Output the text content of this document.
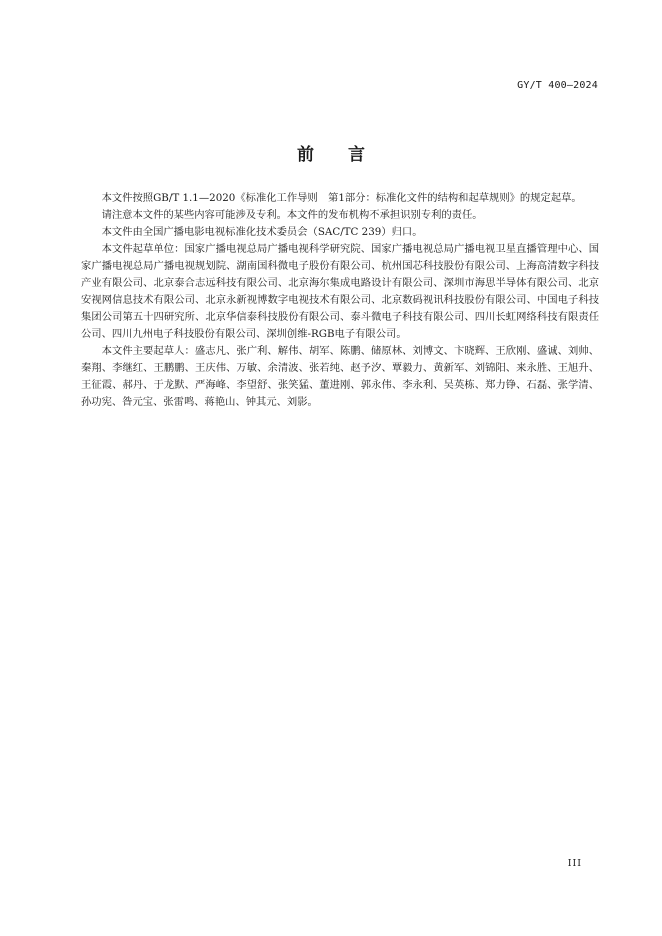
GY/T 400—2024
前　　言

本文件按照GB/T 1.1—2020《标准化工作导则　第1部分：标准化文件的结构和起草规则》的规定起草。

请注意本文件的某些内容可能涉及专利。本文件的发布机构不承担识别专利的责任。

本文件由全国广播电影电视标准化技术委员会（SAC/TC 239）归口。

本文件起草单位：国家广播电视总局广播电视科学研究院、国家广播电视总局广播电视卫星直播管理中心、国家广播电视总局广播电视规划院、湖南国科微电子股份有限公司、杭州国芯科技股份有限公司、上海高清数字科技产业有限公司、北京泰合志远科技有限公司、北京海尔集成电路设计有限公司、深圳市海思半导体有限公司、北京安视网信息技术有限公司、北京永新视博数字电视技术有限公司、北京数码视讯科技股份有限公司、中国电子科技集团公司第五十四研究所、北京华信泰科技股份有限公司、泰斗微电子科技有限公司、四川长虹网络科技有限责任公司、四川九州电子科技股份有限公司、深圳创维-RGB电子有限公司。

本文件主要起草人：盛志凡、张广利、解伟、胡军、陈鹏、储原林、刘博文、卞晓辉、王欣刚、盛诚、刘帅、秦翔、李继红、王鹏鹏、王庆伟、万敏、余清波、张若纯、赵予汐、覃毅力、黄新军、刘锦阳、来永胜、王旭升、王征霞、郝丹、于龙默、严海峰、李望舒、张笑猛、董进刚、郭永伟、李永利、吴英栋、郑力铮、石磊、张学清、孙功宪、昝元宝、张雷鸣、蒋艳山、钟其元、刘影。

III
